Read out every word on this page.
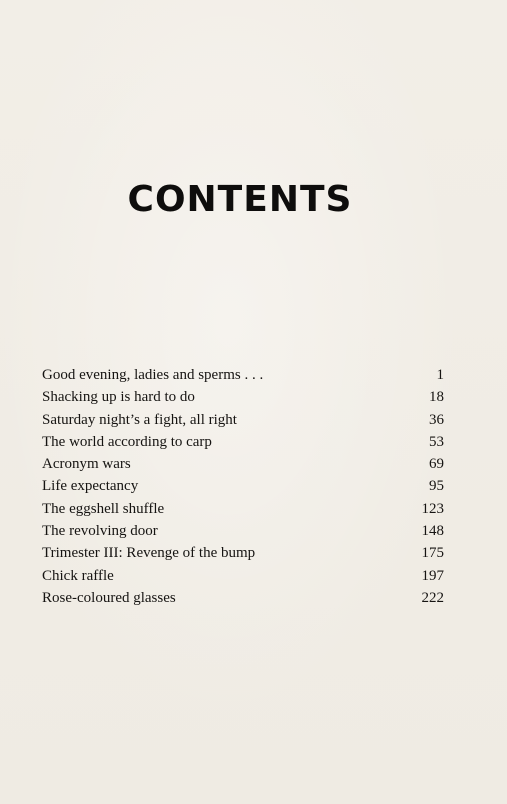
CONTENTS
Good evening, ladies and sperms . . .	1
Shacking up is hard to do	18
Saturday night’s a fight, all right	36
The world according to carp	53
Acronym wars	69
Life expectancy	95
The eggshell shuffle	123
The revolving door	148
Trimester III: Revenge of the bump	175
Chick raffle	197
Rose-coloured glasses	222
